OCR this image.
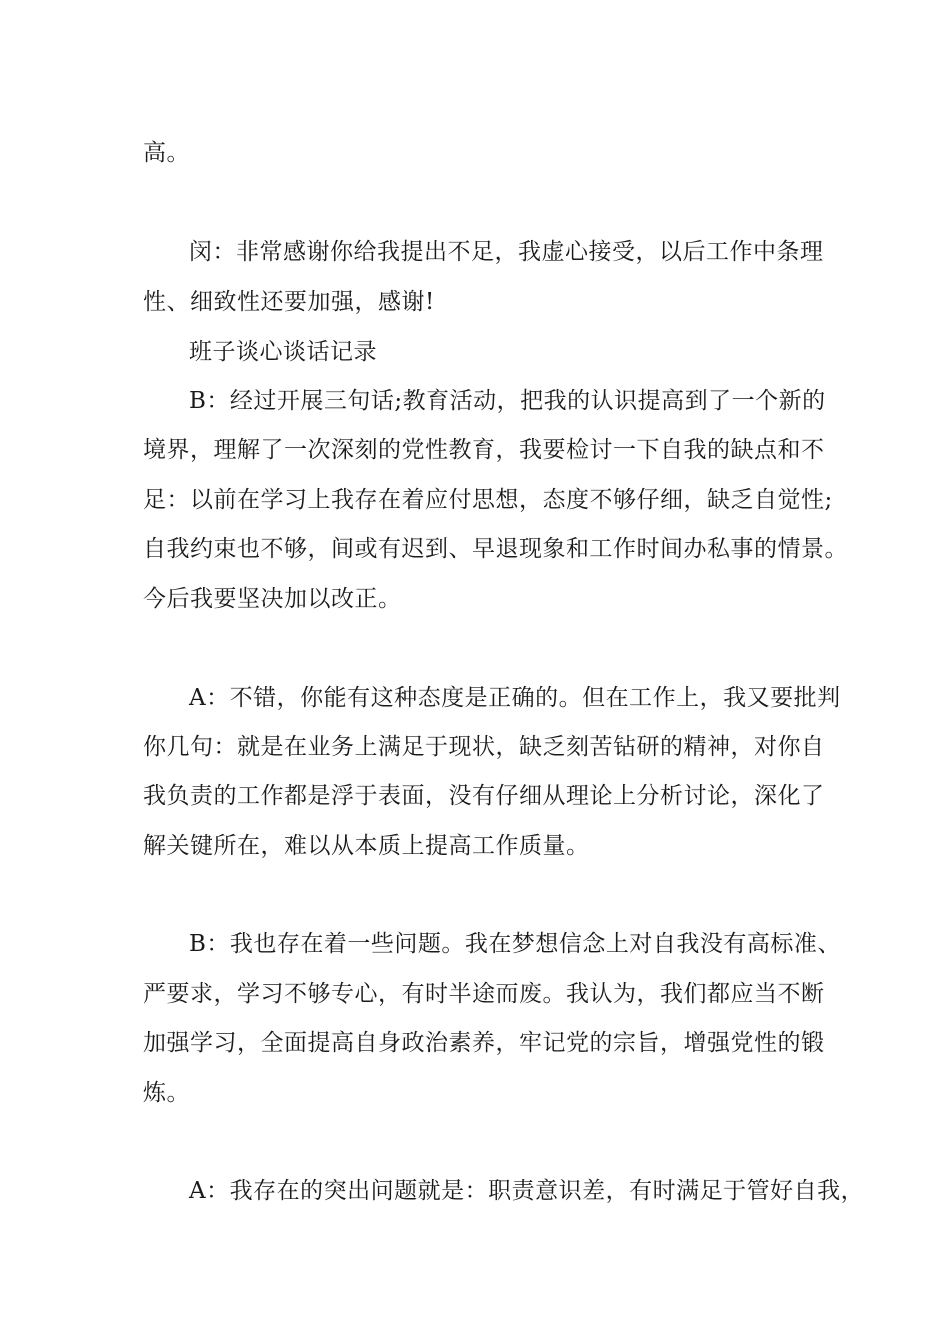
高。
闵：非常感谢你给我提出不足，我虚心接受，以后工作中条理
性、细致性还要加强，感谢!
班子谈心谈话记录
B：经过开展三句话;教育活动，把我的认识提高到了一个新的
境界，理解了一次深刻的党性教育，我要检讨一下自我的缺点和不
足：以前在学习上我存在着应付思想，态度不够仔细，缺乏自觉性;
自我约束也不够，间或有迟到、早退现象和工作时间办私事的情景。
今后我要坚决加以改正。
A：不错，你能有这种态度是正确的。但在工作上，我又要批判
你几句：就是在业务上满足于现状，缺乏刻苦钻研的精神，对你自
我负责的工作都是浮于表面，没有仔细从理论上分析讨论，深化了
解关键所在，难以从本质上提高工作质量。
B：我也存在着一些问题。我在梦想信念上对自我没有高标准、
严要求，学习不够专心，有时半途而废。我认为，我们都应当不断
加强学习，全面提高自身政治素养，牢记党的宗旨，增强党性的锻
炼。
A：我存在的突出问题就是：职责意识差，有时满足于管好自我，
